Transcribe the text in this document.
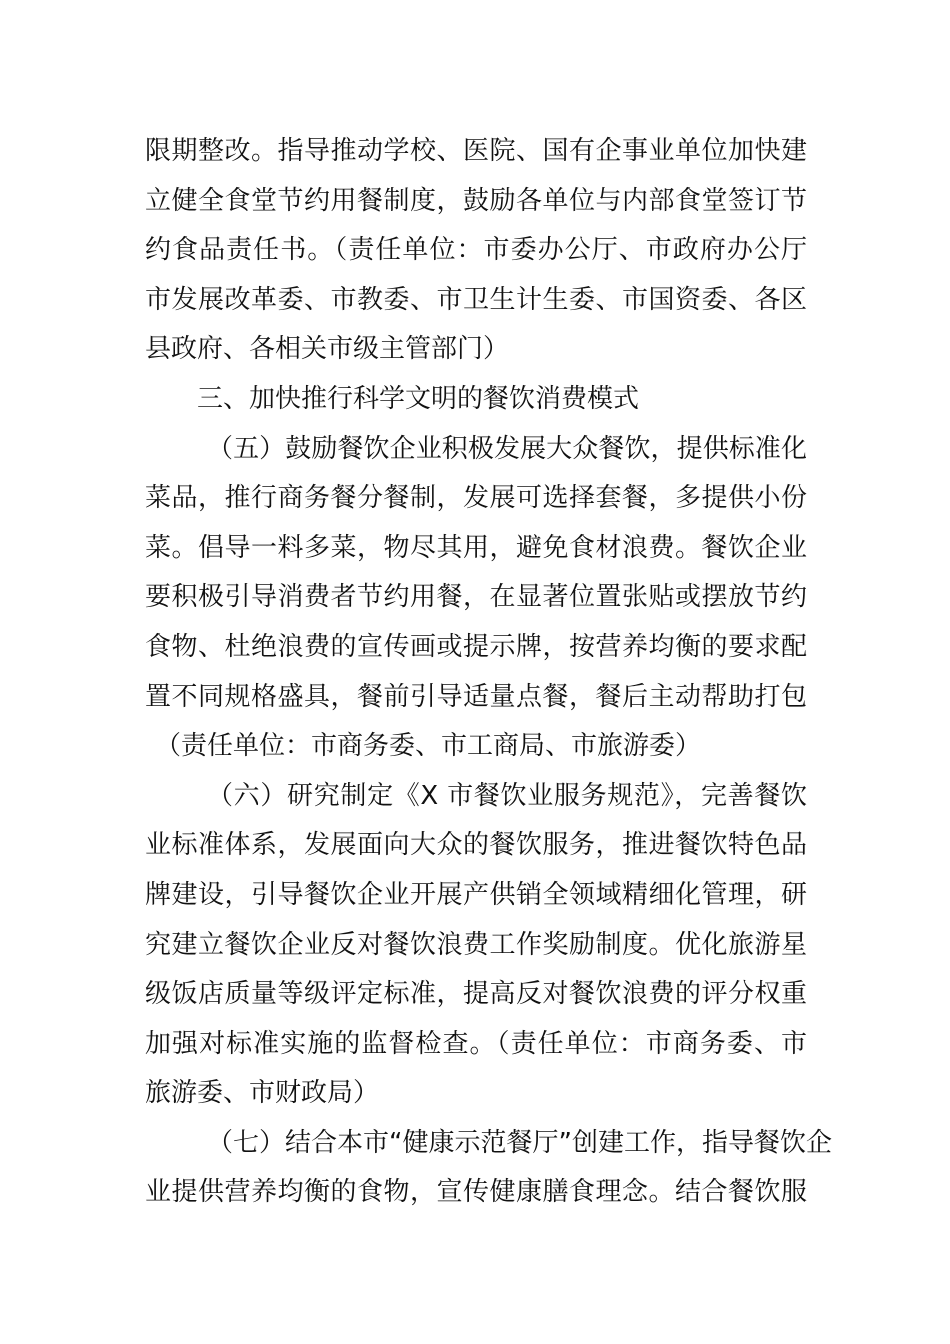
限期整改。指导推动学校、医院、国有企事业单位加快建
立健全食堂节约用餐制度，鼓励各单位与内部食堂签订节
约食品责任书。（责任单位：市委办公厅、市政府办公厅
市发展改革委、市教委、市卫生计生委、市国资委、各区
县政府、各相关市级主管部门）
三、加快推行科学文明的餐饮消费模式
（五）鼓励餐饮企业积极发展大众餐饮，提供标准化
菜品，推行商务餐分餐制，发展可选择套餐，多提供小份
菜。倡导一料多菜，物尽其用，避免食材浪费。餐饮企业
要积极引导消费者节约用餐，在显著位置张贴或摆放节约
食物、杜绝浪费的宣传画或提示牌，按营养均衡的要求配
置不同规格盛具，餐前引导适量点餐，餐后主动帮助打包
（责任单位：市商务委、市工商局、市旅游委）
（六）研究制定《X 市餐饮业服务规范》，完善餐饮
业标准体系，发展面向大众的餐饮服务，推进餐饮特色品
牌建设，引导餐饮企业开展产供销全领域精细化管理，研
究建立餐饮企业反对餐饮浪费工作奖励制度。优化旅游星
级饭店质量等级评定标准，提高反对餐饮浪费的评分权重
加强对标准实施的监督检查。（责任单位：市商务委、市
旅游委、市财政局）
（七）结合本市“健康示范餐厅”创建工作，指导餐饮企
业提供营养均衡的食物，宣传健康膳食理念。结合餐饮服
